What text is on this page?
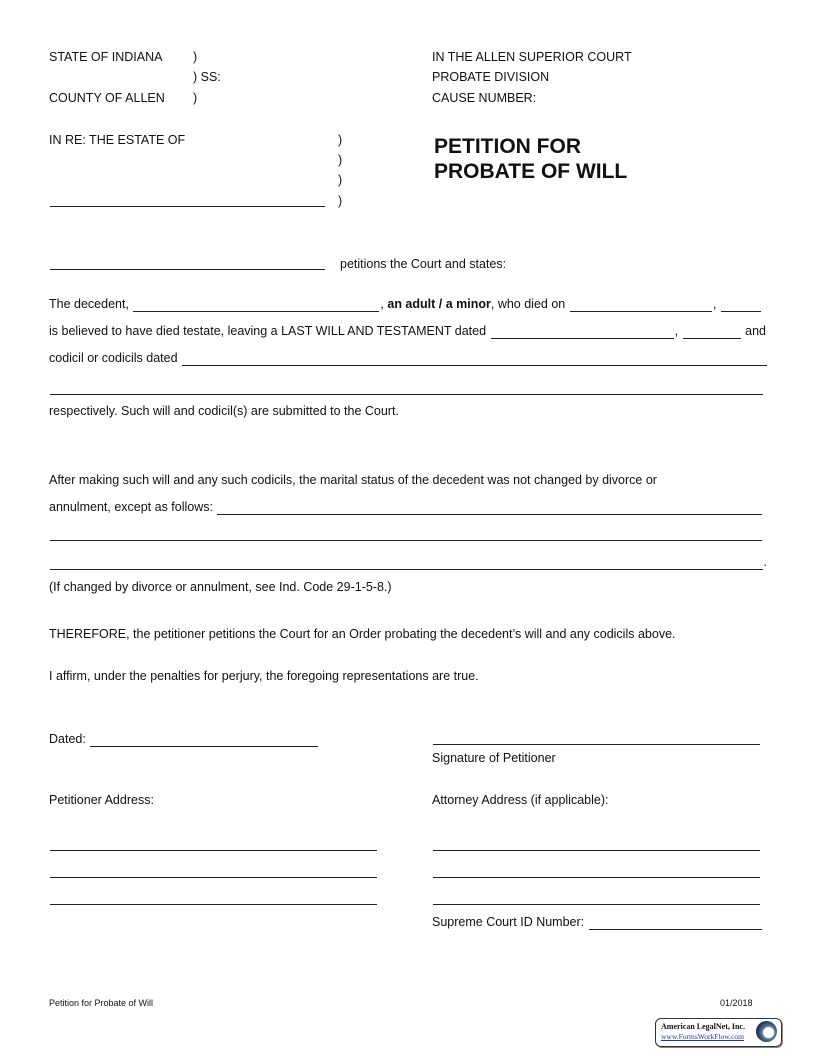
STATE OF INDIANA )
) SS:
COUNTY OF ALLEN )
IN THE ALLEN SUPERIOR COURT
PROBATE DIVISION
CAUSE NUMBER:
IN RE: THE ESTATE OF	)
)
)
)
PETITION FOR
PROBATE OF WILL
petitions the Court and states:
The decedent,
	,
an adult / a minor , who died on
	,

is believed to have died testate, leaving a LAST WILL AND TESTAMENT dated
	,

	and
codicil or codicils dated

respectively. Such will and codicil(s) are submitted to the Court.
After making such will and any such codicils, the marital status of the decedent was not changed by divorce or
annulment, except as follows:

.
(If changed by divorce or annulment, see Ind. Code 29-1-5-8.)
THEREFORE, the petitioner petitions the Court for an Order probating the decedent’s will and any codicils above.
I affirm, under the penalties for perjury, the foregoing representations are true.
Dated:

Signature of Petitioner
Petitioner Address:	Attorney Address (if applicable):
Supreme Court ID Number:

Petition for Probate of Will	01/2018
American LegalNet, Inc.
www.FormsWorkFlow.com
